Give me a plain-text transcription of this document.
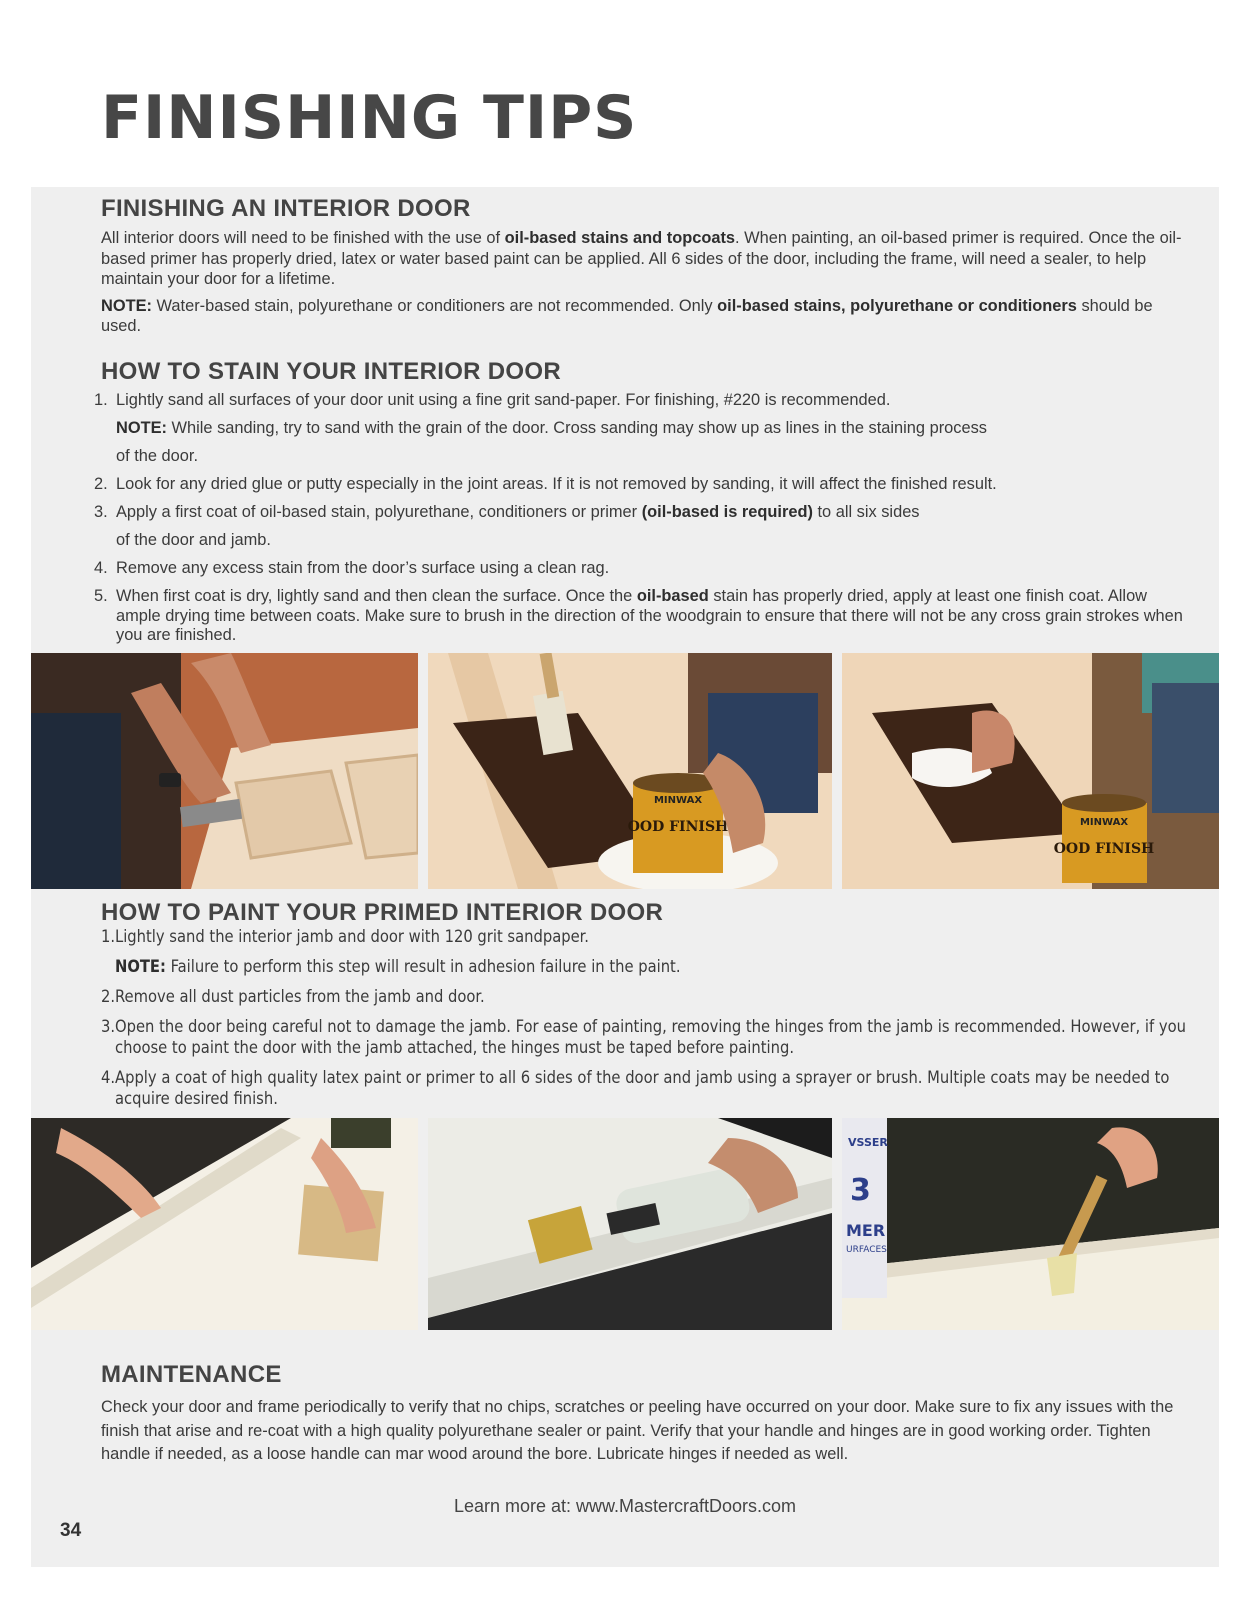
FINISHING TIPS
FINISHING AN INTERIOR DOOR

All interior doors will need to be finished with the use of oil-based stains and topcoats. When painting, an oil-based primer is required. Once the oil-based primer has properly dried, latex or water based paint can be applied. All 6 sides of the door, including the frame, will need a sealer, to help maintain your door for a lifetime.

NOTE: Water-based stain, polyurethane or conditioners are not recommended. Only oil-based stains, polyurethane or conditioners should be used.

HOW TO STAIN YOUR INTERIOR DOOR
1. Lightly sand all surfaces of your door unit using a fine grit sand-paper. For finishing, #220 is recommended.
NOTE: While sanding, try to sand with the grain of the door. Cross sanding may show up as lines in the staining process
of the door.
2. Look for any dried glue or putty especially in the joint areas. If it is not removed by sanding, it will affect the finished result.
3. Apply a first coat of oil-based stain, polyurethane, conditioners or primer (oil-based is required) to all six sides
of the door and jamb.
4. Remove any excess stain from the door’s surface using a clean rag.
5. When first coat is dry, lightly sand and then clean the surface. Once the oil-based stain has properly dried, apply at least one finish coat. Allow ample drying time between coats. Make sure to brush in the direction of the woodgrain to ensure that there will not be any cross grain strokes when you are finished.
MINWAX
OOD FINISH	MINWAX
OOD FINISH
HOW TO PAINT YOUR PRIMED INTERIOR DOOR
1. Lightly sand the interior jamb and door with 120 grit sandpaper.
NOTE: Failure to perform this step will result in adhesion failure in the paint.
2. Remove all dust particles from the jamb and door.
3. Open the door being careful not to damage the jamb. For ease of painting, removing the hinges from the jamb is recommended. However, if you choose to paint the door with the jamb attached, the hinges must be taped before painting.
4. Apply a coat of high quality latex paint or primer to all 6 sides of the door and jamb using a sprayer or brush. Multiple coats may be needed to acquire desired finish.
VSSER
3
MER
URFACES
MAINTENANCE

Check your door and frame periodically to verify that no chips, scratches or peeling have occurred on your door. Make sure to fix any issues with the finish that arise and re-coat with a high quality polyurethane sealer or paint. Verify that your handle and hinges are in good working order. Tighten handle if needed, as a loose handle can mar wood around the bore. Lubricate hinges if needed as well.

Learn more at: www.MastercraftDoors.com
34
